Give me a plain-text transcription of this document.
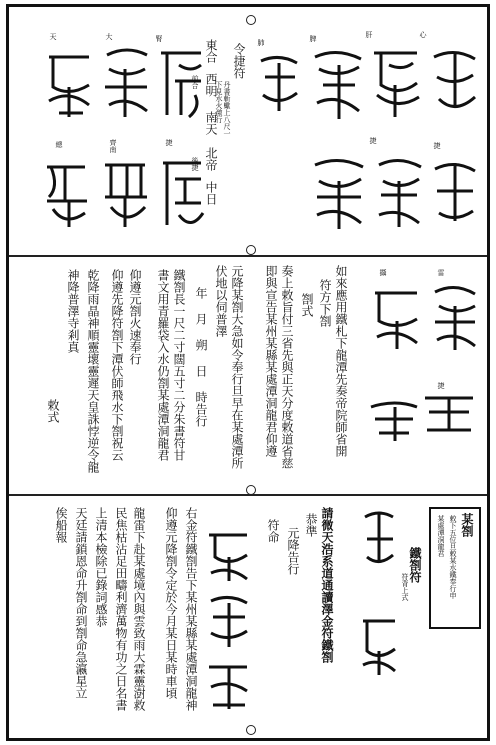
心
肝
脾
肺
腎
大
天
捷
捷
捷
齊南
總
令捷符
丹書斬蠍上八尺一
下見水火激行
東合
西明
南天
北帝
中日
前合
後捷
雷
攝
捷
如來應用鐵札下龍潭先奏帝院師省開
符方下劄
劄式
奏上敕旨付三省先與正天分度敕道省慈
即與宣告某州某縣某處潭洞龍君仰遵
元降某劄大急如令奉行旦早在某處潭所
伏地以伺普澤
年 月 朔 日 時告行
鐵劄長一尺二寸闊五寸二分朱書符甘
書文用青羅袋入水仍劄某處潭洞龍君
仰遵元劄火速奉行
仰遵先降符劄下潭伏師飛水下劄祝云
乾降雨晶神順靈壞靈遲天皇誅悖逆令龍
神降普澤寺剎真
敕式
某劄
敕下五位旦敕某水鐵奉行申
某處潭洞龍君
鐵劄符
符背上式
請微天浩系道通讀澤金符鐵劄
恭準
元降告行
符命
右金符鐵劄告下某州某縣某處潭洞龍神
仰遵元降劄令定於今月某日某時車頃
龍雷下赴某處境內與雲致雨大霖靈澍救
民焦枯沾足田疇利濟萬物有功之日名書
上清本檢除已錄詞感恭
天廷請鎖恩命升劄命到劄命急瀛星立
俟船報
